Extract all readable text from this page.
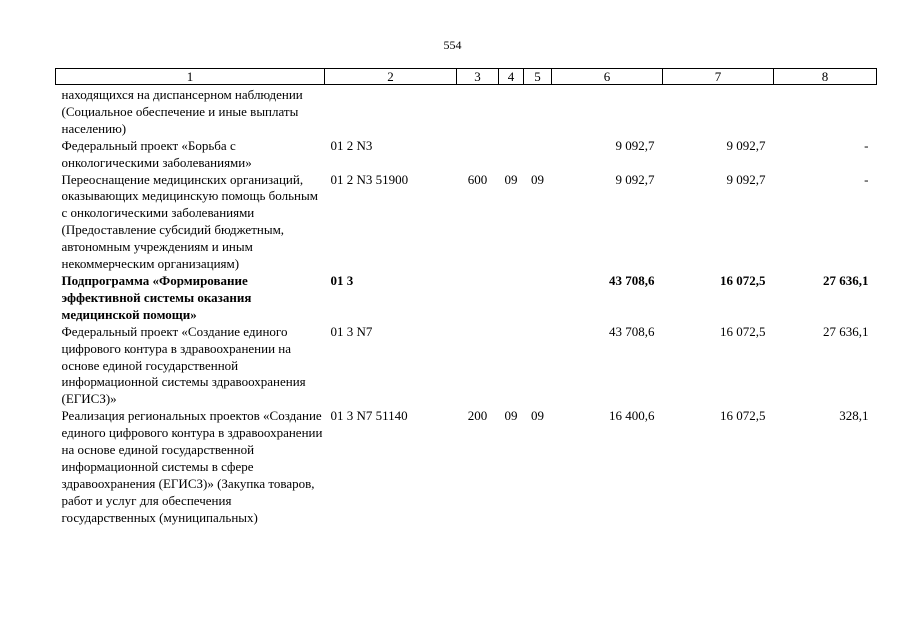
554
1	2	3	4	5	6	7	8
находящихся на диспансерном наблюдении (Социальное обеспечение и иные выплаты населению)							
Федеральный проект «Борьба с онкологическими заболеваниями»	01 2 N3				9 092,7	9 092,7	-
Переоснащение медицинских организаций, оказывающих медицинскую помощь больным с онкологическими заболеваниями (Предоставление субсидий бюджетным, автономным учреждениям и иным некоммерческим организациям)	01 2 N3 51900	600	09	09	9 092,7	9 092,7	-
Подпрограмма «Формирование эффективной системы оказания медицинской помощи»	01 3				43 708,6	16 072,5	27 636,1
Федеральный проект «Создание единого цифрового контура в здравоохранении на основе единой государственной информационной системы здравоохранения (ЕГИСЗ)»	01 3 N7				43 708,6	16 072,5	27 636,1
Реализация региональных проектов «Создание единого цифрового контура в здравоохранении на основе единой государственной информационной системы в сфере здравоохранения (ЕГИСЗ)» (Закупка товаров, работ и услуг для обеспечения государственных (муниципальных)	01 3 N7 51140	200	09	09	16 400,6	16 072,5	328,1
